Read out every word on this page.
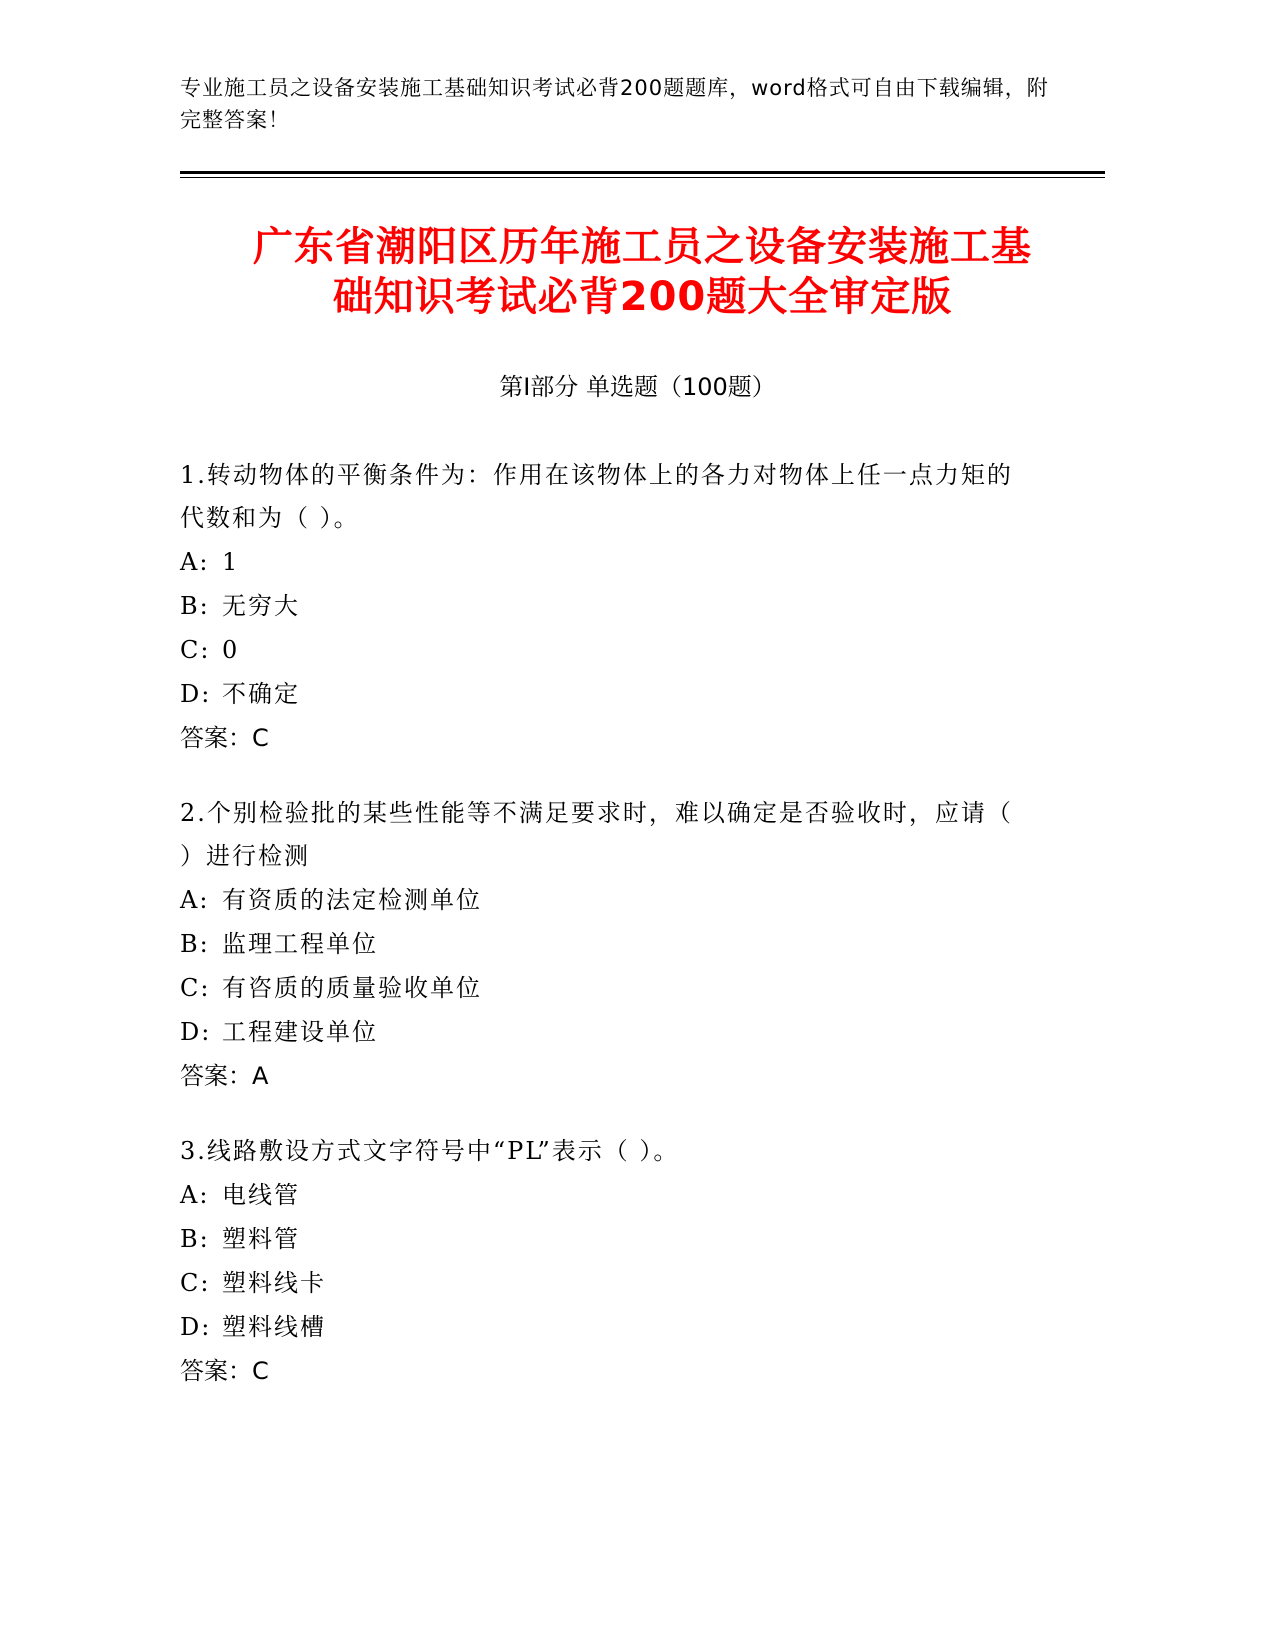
专业施工员之设备安装施工基础知识考试必背200题题库，word格式可自由下载编辑，附完整答案！
广东省潮阳区历年施工员之设备安装施工基
础知识考试必背200题大全审定版
第Ⅰ部分 单选题（100题）
1.转动物体的平衡条件为：作用在该物体上的各力对物体上任一点力矩的代数和为（ ）。
A: 1
B: 无穷大
C: 0
D: 不确定
答案：C
2.个别检验批的某些性能等不满足要求时，难以确定是否验收时，应请（ ）进行检测
A: 有资质的法定检测单位
B: 监理工程单位
C: 有咨质的质量验收单位
D: 工程建设单位
答案：A
3.线路敷设方式文字符号中“PL”表示（ ）。
A: 电线管
B: 塑料管
C: 塑料线卡
D: 塑料线槽
答案：C
